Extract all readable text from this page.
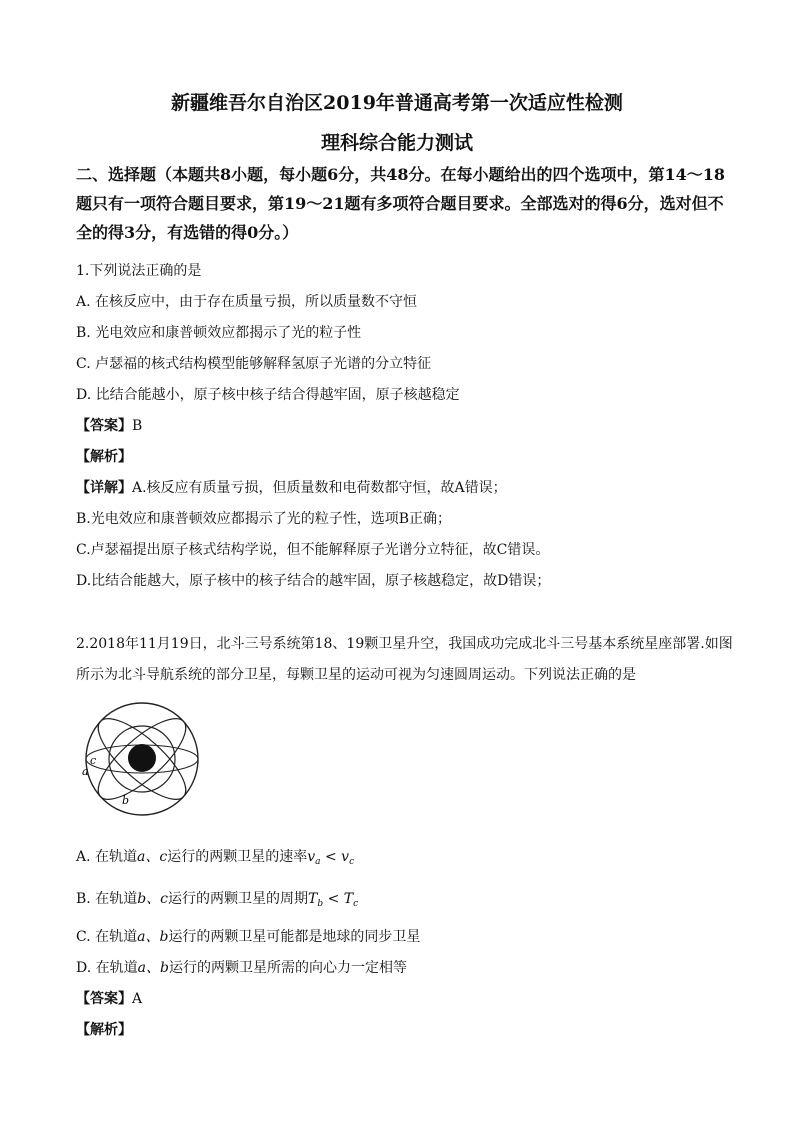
新疆维吾尔自治区2019年普通高考第一次适应性检测
理科综合能力测试
二、选择题（本题共8小题，每小题6分，共48分。在每小题给出的四个选项中，第14～18题只有一项符合题目要求，第19～21题有多项符合题目要求。全部选对的得6分，选对但不全的得3分，有选错的得0分。）
1.下列说法正确的是
A. 在核反应中，由于存在质量亏损，所以质量数不守恒
B. 光电效应和康普顿效应都揭示了光的粒子性
C. 卢瑟福的核式结构模型能够解释氢原子光谱的分立特征
D. 比结合能越小，原子核中核子结合得越牢固，原子核越稳定
【答案】B
【解析】
【详解】A.核反应有质量亏损，但质量数和电荷数都守恒，故A错误；
B.光电效应和康普顿效应都揭示了光的粒子性，选项B正确；
C.卢瑟福提出原子核式结构学说，但不能解释原子光谱分立特征，故C错误。
D.比结合能越大，原子核中的核子结合的越牢固，原子核越稳定，故D错误；
2.2018年11月19日，北斗三号系统第18、19颗卫星升空，我国成功完成北斗三号基本系统星座部署.如图
所示为北斗导航系统的部分卫星，每颗卫星的运动可视为匀速圆周运动。下列说法正确的是
a
c
b
A. 在轨道a、c运行的两颗卫星的速率$v_a < v_c$
B. 在轨道b、c运行的两颗卫星的周期$T_b < T_c$
C. 在轨道a、b运行的两颗卫星可能都是地球的同步卫星
D. 在轨道a、b运行的两颗卫星所需的向心力一定相等
【答案】A
【解析】
